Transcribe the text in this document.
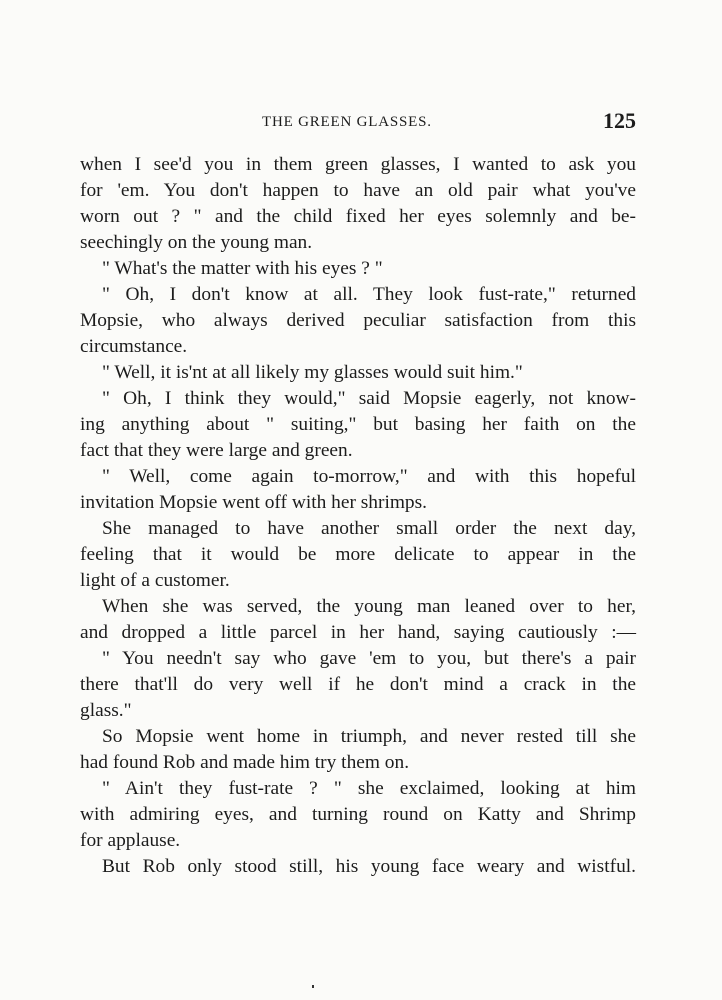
THE GREEN GLASSES.	125
when I see'd you in them green glasses, I wanted to ask you
for 'em. You don't happen to have an old pair what you've
worn out ? " and the child fixed her eyes solemnly and be-
seechingly on the young man.
" What's the matter with his eyes ? "
" Oh, I don't know at all. They look fust-rate," returned
Mopsie, who always derived peculiar satisfaction from this
circumstance.
" Well, it is'nt at all likely my glasses would suit him."
" Oh, I think they would," said Mopsie eagerly, not know-
ing anything about " suiting," but basing her faith on the
fact that they were large and green.
" Well, come again to-morrow," and with this hopeful
invitation Mopsie went off with her shrimps.
She managed to have another small order the next day,
feeling that it would be more delicate to appear in the
light of a customer.
When she was served, the young man leaned over to her,
and dropped a little parcel in her hand, saying cautiously :—
" You needn't say who gave 'em to you, but there's a pair
there that'll do very well if he don't mind a crack in the
glass."
So Mopsie went home in triumph, and never rested till she
had found Rob and made him try them on.
" Ain't they fust-rate ? " she exclaimed, looking at him
with admiring eyes, and turning round on Katty and Shrimp
for applause.
But Rob only stood still, his young face weary and wistful.
